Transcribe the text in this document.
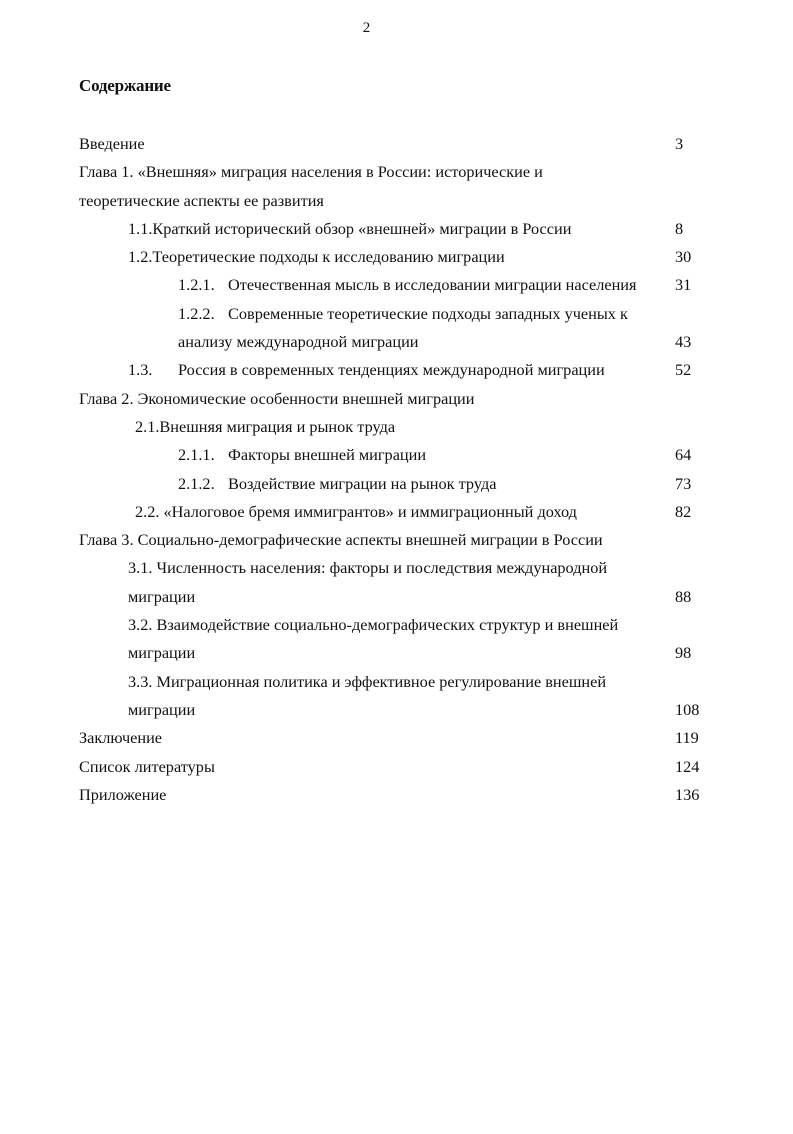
2
Содержание
Введение	3
Глава 1. «Внешняя» миграция населения в России: исторические и
теоретические аспекты ее развития
1.1.Краткий исторический обзор «внешней» миграции в России	8
1.2.Теоретические подходы к исследованию миграции	30
1.2.1. Отечественная мысль в исследовании миграции населения 31
1.2.2. Современные теоретические подходы западных ученых к
анализу международной миграции	43
1.3. Россия в современных тенденциях международной миграции	52
Глава 2. Экономические особенности внешней миграции
2.1.Внешняя миграция и рынок труда
2.1.1. Факторы внешней миграции	64
2.1.2. Воздействие миграции на рынок труда	73
2.2. «Налоговое бремя иммигрантов» и иммиграционный доход	82
Глава 3. Социально-демографические аспекты внешней миграции в России
3.1. Численность населения: факторы и последствия международной
миграции	88
3.2. Взаимодействие социально-демографических структур и внешней
миграции	98
3.3. Миграционная политика и эффективное регулирование внешней
миграции	108
Заключение	119
Список литературы	124
Приложение	136
